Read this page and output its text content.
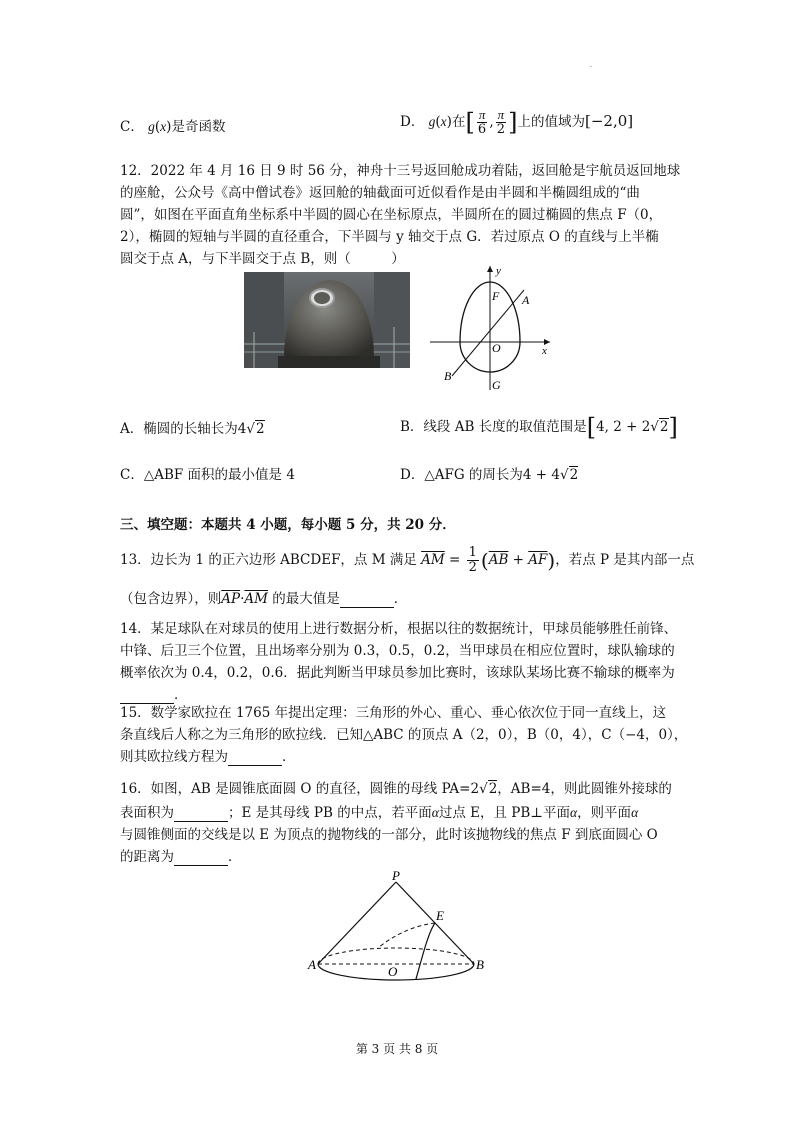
.
C． g(x)是奇函数	D． g(x)在[ $\frac{\pi}{6}$ , $\frac{\pi}{2}$ ]上的值域为[−2,0]
12．2022 年 4 月 16 日 9 时 56 分，神舟十三号返回舱成功着陆，返回舱是宇航员返回地球
的座舱，公众号《高中僧试卷》返回舱的轴截面可近似看作是由半圆和半椭圆组成的“曲
圆”，如图在平面直角坐标系中半圆的圆心在坐标原点，半圆所在的圆过椭圆的焦点 F（0，
2），椭圆的短轴与半圆的直径重合，下半圆与 y 轴交于点 G．若过原点 O 的直线与上半椭
圆交于点 A，与下半圆交于点 B，则（　　　）
y
x
F A
O
B
G
A．椭圆的长轴长为4√2	B．线段 AB 长度的取值范围是[4, 2 + 2√2]
C．△ABF 面积的最小值是 4	D．△AFG 的周长为4 + 4√2
三、填空题：本题共 4 小题，每小题 5 分，共 20 分．
13．边长为 1 的正六边形 ABCDEF，点 M 满足 $\overline{AM} = \frac{1}{2} (\overline{AB} + \overline{AF})$，若点 P 是其内部一点
（包含边界），则$\overline{AP}\cdot\overline{AM}$ 的最大值是	．
14．某足球队在对球员的使用上进行数据分析，根据以往的数据统计，甲球员能够胜任前锋、
中锋、后卫三个位置，且出场率分别为 0.3，0.5，0.2，当甲球员在相应位置时，球队输球的
概率依次为 0.4，0.2，0.6．据此判断当甲球员参加比赛时，该球队某场比赛不输球的概率为
．
15．数学家欧拉在 1765 年提出定理：三角形的外心、重心、垂心依次位于同一直线上，这
条直线后人称之为三角形的欧拉线．已知△ABC 的顶点 A（2，0），B（0，4），C（−4，0），
则其欧拉线方程为	．
16．如图，AB 是圆锥底面圆 O 的直径，圆锥的母线 PA=2√2，AB=4，则此圆锥外接球的
表面积为	；E 是其母线 PB 的中点，若平面α过点 E，且 PB⊥平面α，则平面α
与圆锥侧面的交线是以 E 为顶点的抛物线的一部分，此时该抛物线的焦点 F 到底面圆心 O
的距离为	．
P
E
A	O	B
第 3 页 共 8 页
